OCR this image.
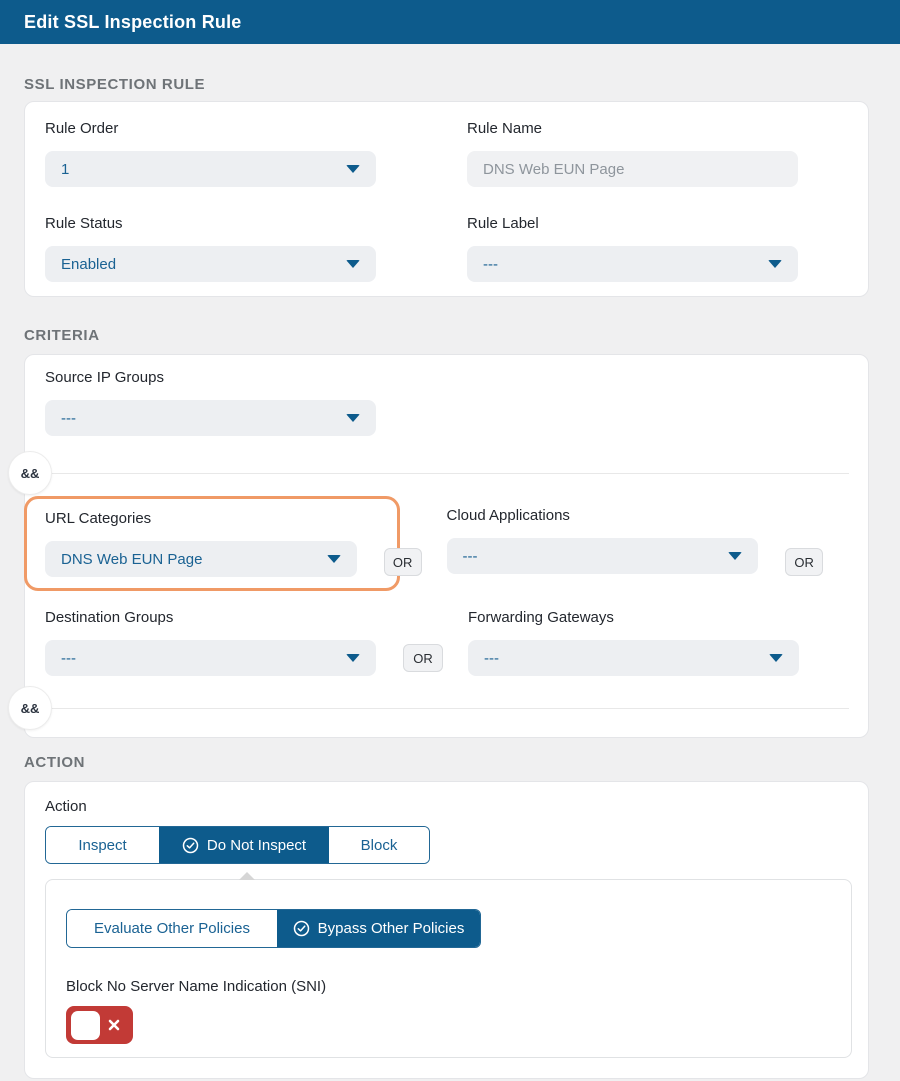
Edit SSL Inspection Rule
SSL INSPECTION RULE
Rule Order
1
Rule Name
DNS Web EUN Page
Rule Status
Enabled
Rule Label
---
CRITERIA
&&
&&
Source IP Groups
---
URL Categories
DNS Web EUN Page	OR
Cloud Applications
---	OR
Destination Groups
---	OR
Forwarding Gateways
---
ACTION
Action
Inspect	Do Not Inspect	Block
Evaluate Other Policies	Bypass Other Policies
Block No Server Name Indication (SNI)
